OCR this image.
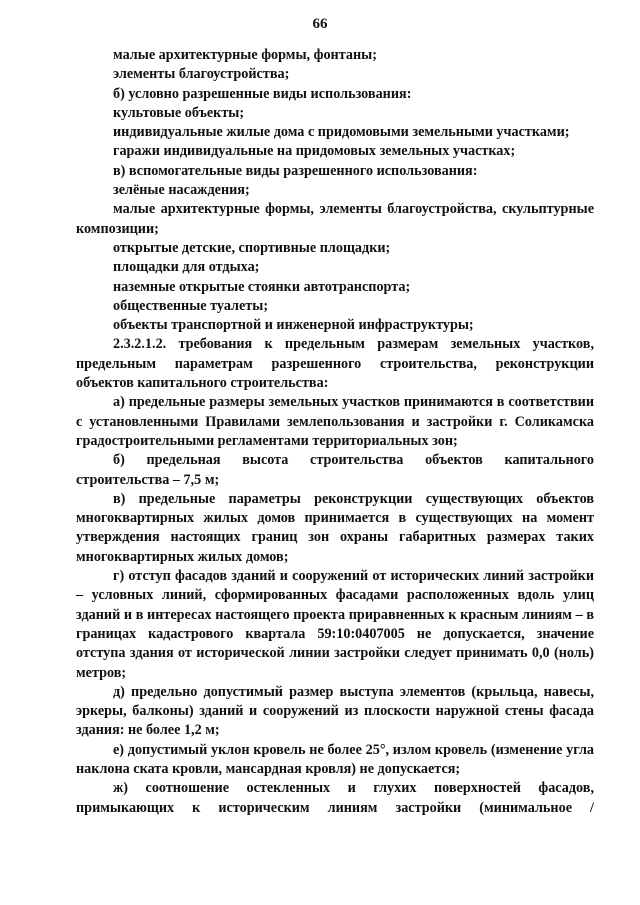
66

малые архитектурные формы, фонтаны;

элементы благоустройства;

б) условно разрешенные виды использования:

культовые объекты;

индивидуальные жилые дома с придомовыми земельными участками;

гаражи индивидуальные на придомовых земельных участках;

в) вспомогательные виды разрешенного использования:

зелёные насаждения;

малые архитектурные формы, элементы благоустройства, скульптурные композиции;

открытые детские, спортивные площадки;

площадки для отдыха;

наземные открытые стоянки автотранспорта;

общественные туалеты;

объекты транспортной и инженерной инфраструктуры;

2.3.2.1.2. требования к предельным размерам земельных участков, предельным параметрам разрешенного строительства, реконструкции объектов капитального строительства:

а) предельные размеры земельных участков принимаются в соответствии с установленными Правилами землепользования и застройки г. Соликамска градостроительными регламентами территориальных зон;

б) предельная высота строительства объектов капитального строительства – 7,5 м;

в) предельные параметры реконструкции существующих объектов многоквартирных жилых домов принимается в существующих на момент утверждения настоящих границ зон охраны габаритных размерах таких многоквартирных жилых домов;

г) отступ фасадов зданий и сооружений от исторических линий застройки – условных линий, сформированных фасадами расположенных вдоль улиц зданий и в интересах настоящего проекта приравненных к красным линиям – в границах кадастрового квартала 59:10:0407005 не допускается, значение отступа здания от исторической линии застройки следует принимать 0,0 (ноль) метров;

д) предельно допустимый размер выступа элементов (крыльца, навесы, эркеры, балконы) зданий и сооружений из плоскости наружной стены фасада здания: не более 1,2 м;

е) допустимый уклон кровель не более 25°, излом кровель (изменение угла наклона ската кровли, мансардная кровля) не допускается;

ж) соотношение остекленных и глухих поверхностей фасадов, примыкающих к историческим линиям застройки (минимальное /
